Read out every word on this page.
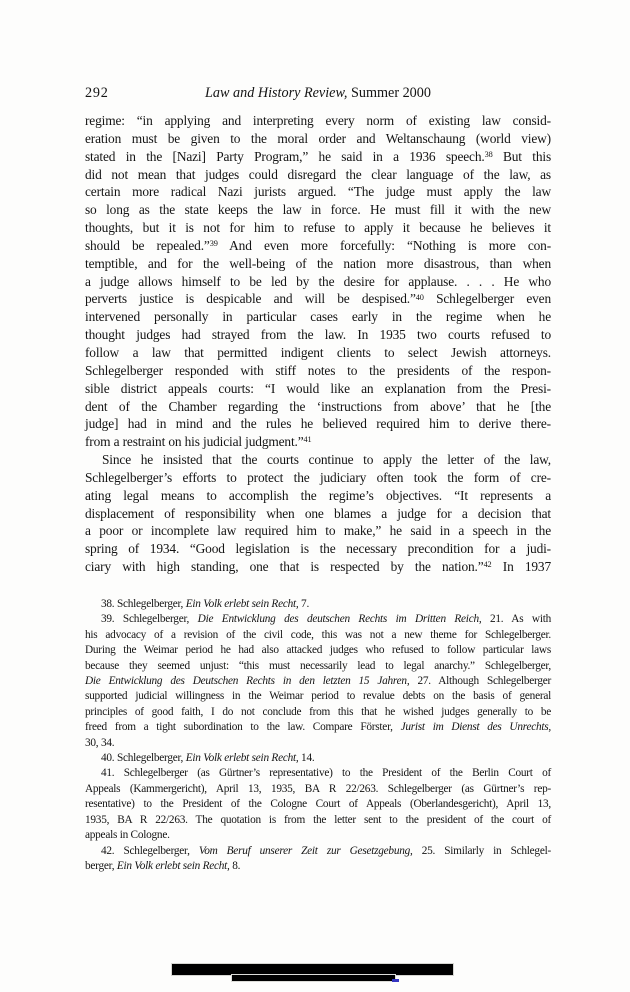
292	Law and History Review, Summer 2000
regime: “in applying and interpreting every norm of existing law consid-
eration must be given to the moral order and Weltanschaung (world view)
stated in the [Nazi] Party Program,” he said in a 1936 speech.$^{38}$ But this
did not mean that judges could disregard the clear language of the law, as
certain more radical Nazi jurists argued. “The judge must apply the law
so long as the state keeps the law in force. He must fill it with the new
thoughts, but it is not for him to refuse to apply it because he believes it
should be repealed.”$^{39}$ And even more forcefully: “Nothing is more con-
temptible, and for the well-being of the nation more disastrous, than when
a judge allows himself to be led by the desire for applause. . . . He who
perverts justice is despicable and will be despised.”$^{40}$ Schlegelberger even
intervened personally in particular cases early in the regime when he
thought judges had strayed from the law. In 1935 two courts refused to
follow a law that permitted indigent clients to select Jewish attorneys.
Schlegelberger responded with stiff notes to the presidents of the respon-
sible district appeals courts: “I would like an explanation from the Presi-
dent of the Chamber regarding the ‘instructions from above’ that he [the
judge] had in mind and the rules he believed required him to derive there-
from a restraint on his judicial judgment.”$^{41}$
Since he insisted that the courts continue to apply the letter of the law,
Schlegelberger’s efforts to protect the judiciary often took the form of cre-
ating legal means to accomplish the regime’s objectives. “It represents a
displacement of responsibility when one blames a judge for a decision that
a poor or incomplete law required him to make,” he said in a speech in the
spring of 1934. “Good legislation is the necessary precondition for a judi-
ciary with high standing, one that is respected by the nation.”$^{42}$ In 1937
38. Schlegelberger, Ein Volk erlebt sein Recht, 7.
39. Schlegelberger, Die Entwicklung des deutschen Rechts im Dritten Reich, 21. As with
his advocacy of a revision of the civil code, this was not a new theme for Schlegelberger.
During the Weimar period he had also attacked judges who refused to follow particular laws
because they seemed unjust: “this must necessarily lead to legal anarchy.” Schlegelberger,
Die Entwicklung des Deutschen Rechts in den letzten 15 Jahren, 27. Although Schlegelberger
supported judicial willingness in the Weimar period to revalue debts on the basis of general
principles of good faith, I do not conclude from this that he wished judges generally to be
freed from a tight subordination to the law. Compare Förster, Jurist im Dienst des Unrechts,
30, 34.
40. Schlegelberger, Ein Volk erlebt sein Recht, 14.
41. Schlegelberger (as Gürtner’s representative) to the President of the Berlin Court of
Appeals (Kammergericht), April 13, 1935, BA R 22/263. Schlegelberger (as Gürtner’s rep-
resentative) to the President of the Cologne Court of Appeals (Oberlandesgericht), April 13,
1935, BA R 22/263. The quotation is from the letter sent to the president of the court of
appeals in Cologne.
42. Schlegelberger, Vom Beruf unserer Zeit zur Gesetzgebung, 25. Similarly in Schlegel-
berger, Ein Volk erlebt sein Recht, 8.
